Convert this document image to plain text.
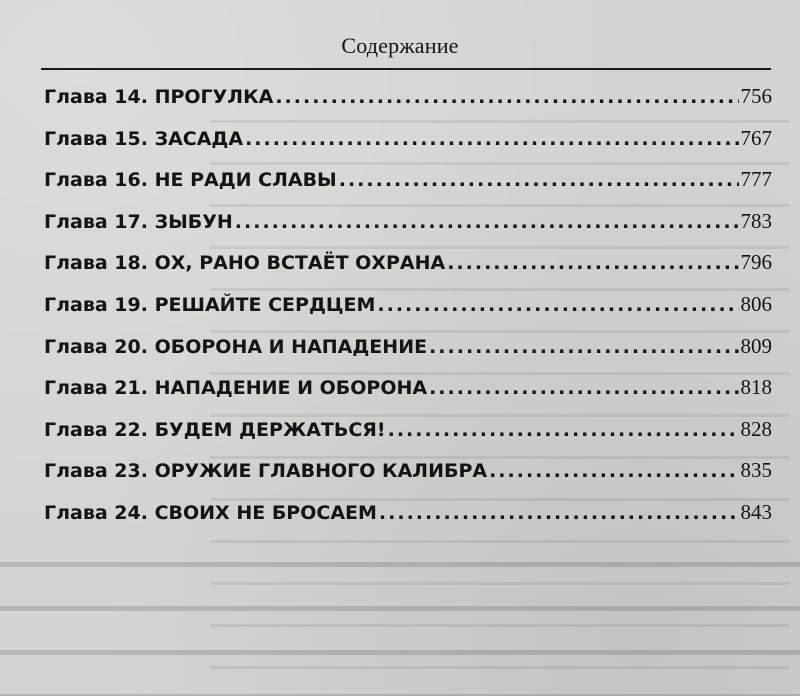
Содержание
Глава 14. ПРОГУЛКА .....	756
Глава 15. ЗАСАДА .....	767
Глава 16. НЕ РАДИ СЛАВЫ .....	777
Глава 17. ЗЫБУН .....	783
Глава 18. ОХ, РАНО ВСТАЁТ ОХРАНА .....	796
Глава 19. РЕШАЙТЕ СЕРДЦЕМ .....	806
Глава 20. ОБОРОНА И НАПАДЕНИЕ .....	809
Глава 21. НАПАДЕНИЕ И ОБОРОНА .....	818
Глава 22. БУДЕМ ДЕРЖАТЬСЯ! .....	828
Глава 23. ОРУЖИЕ ГЛАВНОГО КАЛИБРА .....	835
Глава 24. СВОИХ НЕ БРОСАЕМ .....	843
